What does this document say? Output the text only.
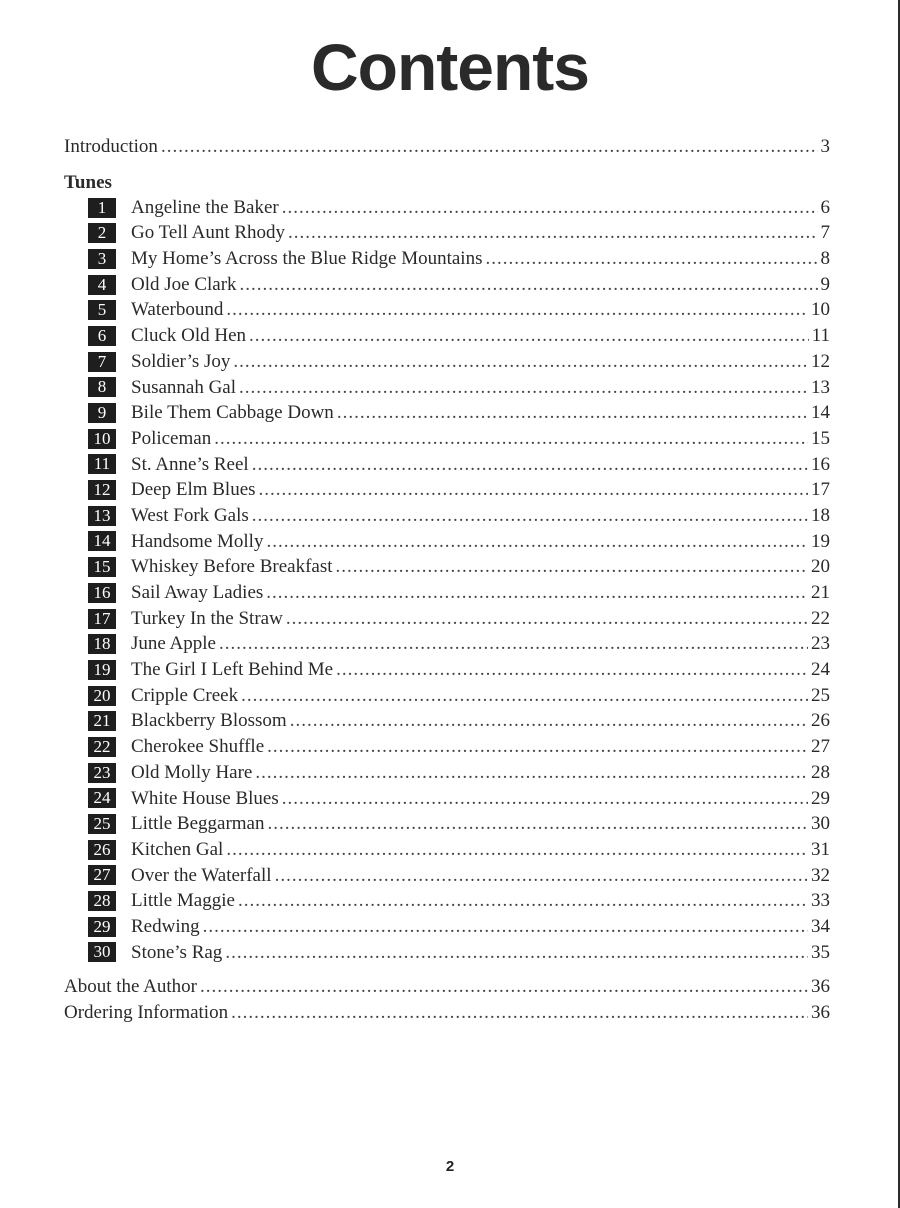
Contents
Introduction .....	3
Tunes
1	Angeline the Baker .....	6
2	Go Tell Aunt Rhody .....	7
3	My Home’s Across the Blue Ridge Mountains .....	8
4	Old Joe Clark .....	9
5	Waterbound .....	10
6	Cluck Old Hen .....	11
7	Soldier’s Joy .....	12
8	Susannah Gal .....	13
9	Bile Them Cabbage Down .....	14
10 Policeman .....	15
11	St. Anne’s Reel .....	16
12 Deep Elm Blues .....	17
13 West Fork Gals .....	18
14 Handsome Molly .....	19
15 Whiskey Before Breakfast .....	20
16 Sail Away Ladies .....	21
17 Turkey In the Straw .....	22
18 June Apple .....	23
19 The Girl I Left Behind Me .....	24
20 Cripple Creek .....	25
21 Blackberry Blossom .....	26
22 Cherokee Shuffle .....	27
23 Old Molly Hare .....	28
24 White House Blues .....	29
25 Little Beggarman .....	30
26 Kitchen Gal .....	31
27 Over the Waterfall .....	32
28 Little Maggie .....	33
29 Redwing .....	34
30 Stone’s Rag .....	35
About the Author .....	36
Ordering Information .....	36
2
